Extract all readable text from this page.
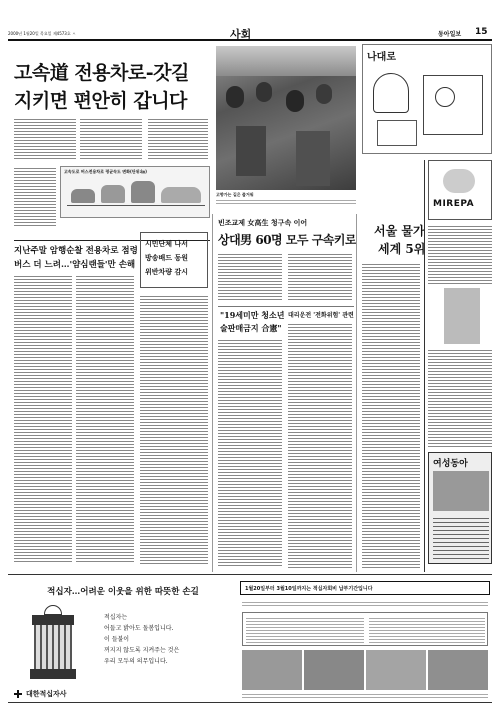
2000년 1월20일 목요일 제4573호 ㅅ	사회	동아일보 15
고속道 전용차로-갓길
지키면 편안히 갑니다
고향가는 길은 즐거워
나대로
고속도로 버스전용차로 평균속도 변화(단위:㎞)
지난주말 암행순찰 전용차로 점령
버스 더 느려…'얌심랜들'만 손해
시민단체 나서
방송배드 동원
위반차량 감시
빈조교제 女高生 청구속 이어
상대男 60명 모두 구속키로
"19세미만 청소년
술판매금지 合憲"
대리운전 '전화위험' 관련
서울 물가
세계 5위
MIREPA
여성동아
적십자…어려운 이웃을 위한 따뜻한 손길
적십자는
어둡고 밝아도 돌봄입니다.
이 들불이
꺼지지 않도록 지켜주는 것은
우리 모두의 의무입니다.
대한적십자사
1월20일부터 3월10일까지는 적십자회비 납부기간입니다
